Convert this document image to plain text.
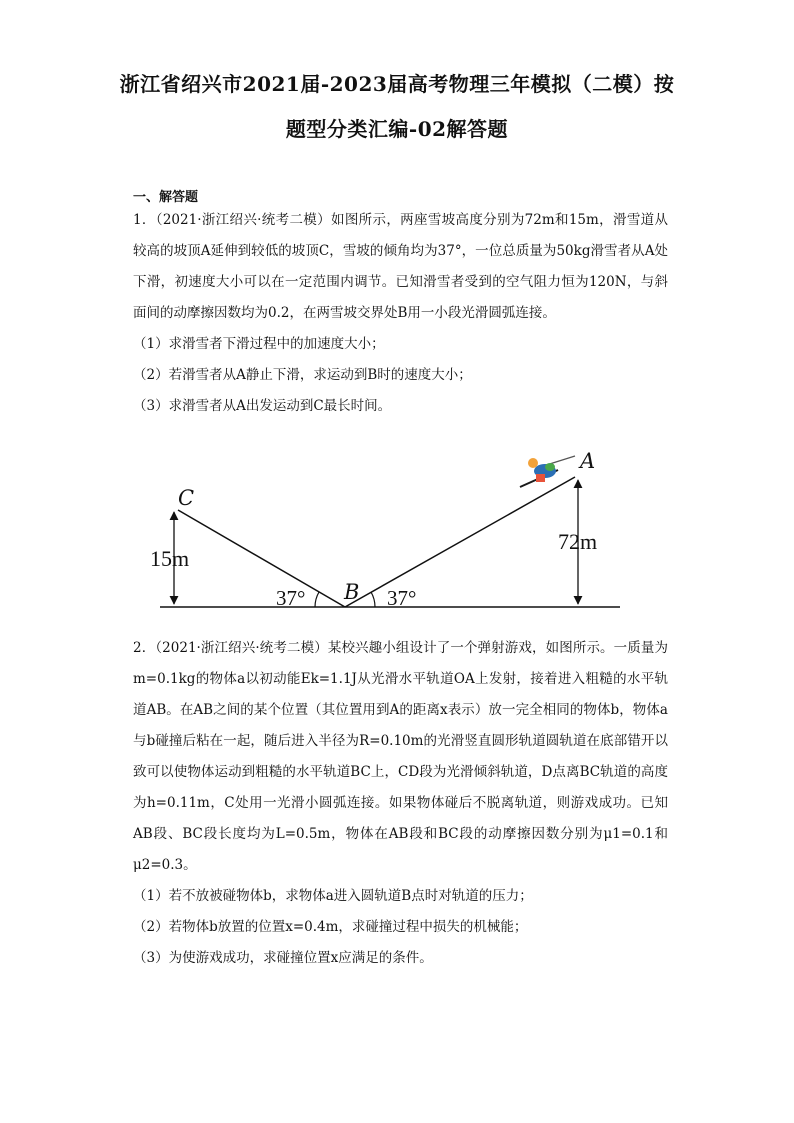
浙江省绍兴市2021届-2023届高考物理三年模拟（二模）按
题型分类汇编-02解答题
一、解答题
1．（2021·浙江绍兴·统考二模）如图所示，两座雪坡高度分别为72m和15m，滑雪道从较高的坡顶A延伸到较低的坡顶C，雪坡的倾角均为37°，一位总质量为50kg滑雪者从A处下滑，初速度大小可以在一定范围内调节。已知滑雪者受到的空气阻力恒为120N，与斜面间的动摩擦因数均为0.2，在两雪坡交界处B用一小段光滑圆弧连接。
（1）求滑雪者下滑过程中的加速度大小；
（2）若滑雪者从A静止下滑，求运动到B时的速度大小；
（3）求滑雪者从A出发运动到C最长时间。
C
A
B
15m
72m
37°	37°
2．（2021·浙江绍兴·统考二模）某校兴趣小组设计了一个弹射游戏，如图所示。一质量为m=0.1kg的物体a以初动能Ek=1.1J从光滑水平轨道OA上发射，接着进入粗糙的水平轨道AB。在AB之间的某个位置（其位置用到A的距离x表示）放一完全相同的物体b，物体a与b碰撞后粘在一起，随后进入半径为R=0.10m的光滑竖直圆形轨道圆轨道在底部错开以致可以使物体运动到粗糙的水平轨道BC上，CD段为光滑倾斜轨道，D点离BC轨道的高度为h=0.11m，C处用一光滑小圆弧连接。如果物体碰后不脱离轨道，则游戏成功。已知AB段、BC段长度均为L=0.5m，物体在AB段和BC段的动摩擦因数分别为μ1=0.1和μ2=0.3。
（1）若不放被碰物体b，求物体a进入圆轨道B点时对轨道的压力；
（2）若物体b放置的位置x=0.4m，求碰撞过程中损失的机械能；
（3）为使游戏成功，求碰撞位置x应满足的条件。
